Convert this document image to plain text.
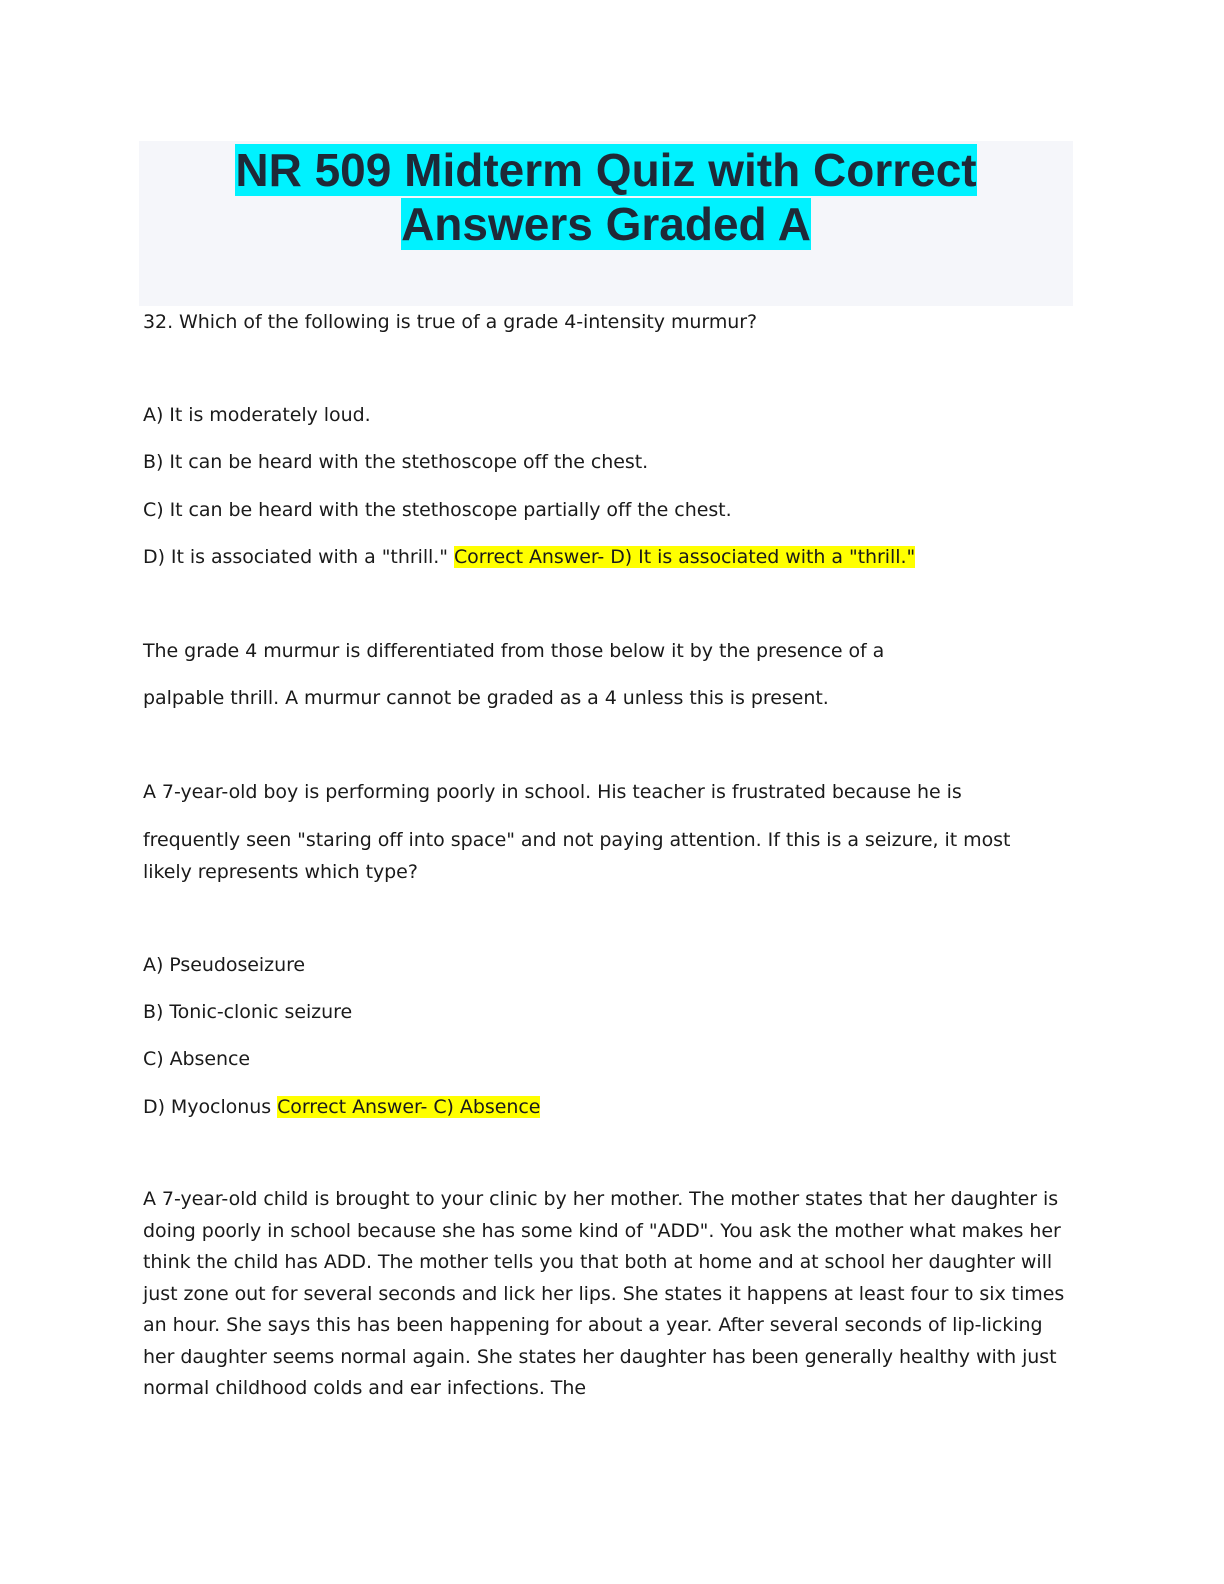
NR 509 Midterm Quiz with Correct
Answers Graded A
32. Which of the following is true of a grade 4-intensity murmur?
A) It is moderately loud.
B) It can be heard with the stethoscope off the chest.
C) It can be heard with the stethoscope partially off the chest.
D) It is associated with a "thrill." Correct Answer- D) It is associated with a "thrill."
The grade 4 murmur is differentiated from those below it by the presence of a
palpable thrill. A murmur cannot be graded as a 4 unless this is present.
A 7-year-old boy is performing poorly in school. His teacher is frustrated because he is
frequently seen "staring off into space" and not paying attention. If this is a seizure, it most
likely represents which type?
A) Pseudoseizure
B) Tonic-clonic seizure
C) Absence
D) Myoclonus Correct Answer- C) Absence
A 7-year-old child is brought to your clinic by her mother. The mother states that her daughter is doing poorly in school because she has some kind of "ADD". You ask the mother what makes her think the child has ADD. The mother tells you that both at home and at school her daughter will just zone out for several seconds and lick her lips. She states it happens at least four to six times an hour. She says this has been happening for about a year. After several seconds of lip-licking her daughter seems normal again. She states her daughter has been generally healthy with just normal childhood colds and ear infections. The
